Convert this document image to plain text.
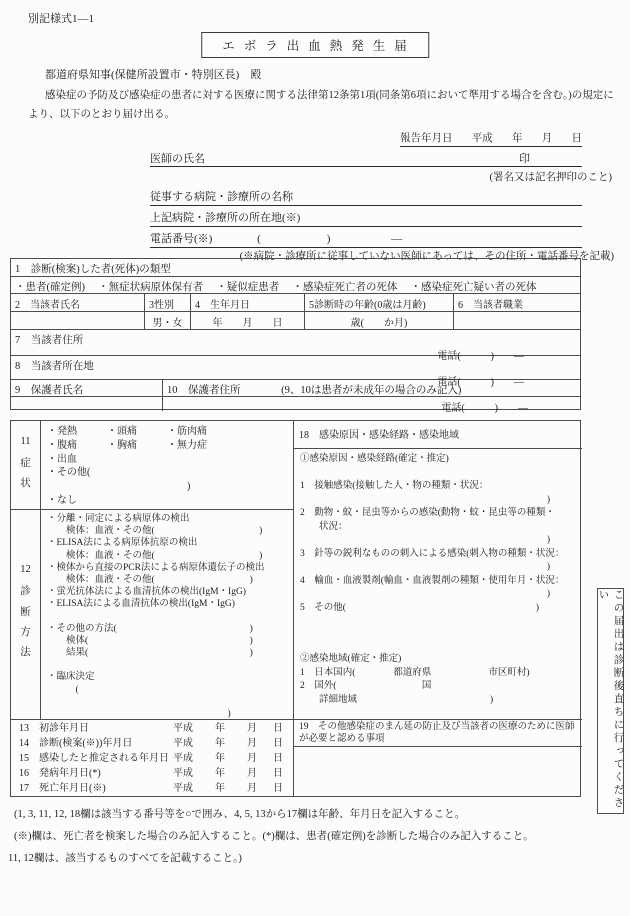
別記様式1—1
エボラ出血熱発生届
都道府県知事(保健所設置市・特別区長)　殿
感染症の予防及び感染症の患者に対する医療に関する法律第12条第1項(同条第6項において準用する場合を含む。)の規定に
より、以下のとおり届け出る。
報告年月日 平成 年 月 日
医師の氏名	印
(署名又は記名押印のこと)
従事する病院・診療所の名称
上記病院・診療所の所在地(※)
電話番号(※)	(　　　　　　)	—
(※病院・診療所に従事していない医師にあっては、その住所・電話番号を記載)
1　診断(検案)した者(死体)の類型
・患者(確定例)　 ・無症状病原体保有者　 ・疑似症患者　 ・感染症死亡者の死体　 ・感染症死亡疑い者の死体
2　当該者氏名	3性別	4　生年月日	5診断時の年齢(0歳は月齢)	6　当該者職業
男・女	年　　月　　日	歳(　　か月)
7　当該者住所
電話(　　　)　　—
8　当該者所在地
電話(　　　)　　—
9　保護者氏名	10　保護者住所	(9、10は患者が未成年の場合のみ記入)
電話(　　　)　　—
11
症状
・発熱　　　・頭痛　　　・筋肉痛
・腹痛　　　・胸痛　　　・無力症
・出血
・その他(
　　　　　　　　　　　　　　)
・なし
12
診断方法
・分離・同定による病原体の検出
　　検体：血液・その他(　　　　　　　　　　　)
・ELISA法による病原体抗原の検出
　　検体：血液・その他(　　　　　　　　　　　)
・検体から直接のPCR法による病原体遺伝子の検出
　　検体：血液・その他(　　　　　　　　　　)
・蛍光抗体法による血清抗体の検出(IgM・IgG)
・ELISA法による血清抗体の検出(IgM・IgG)
・その他の方法(　　　　　　　　　　　　　　)
　　検体(　　　　　　　　　　　　　　　　　)
　　結果(　　　　　　　　　　　　　　　　　)
・臨床決定
　　　(
　　　　　　　　　　　　　　　　　　　)
13　初診年月日	平成	年	月	日
14　診断(検案(※))年月日	平成	年	月	日
15　感染したと推定される年月日 平成	年	月	日
16　発病年月日(*)	平成	年	月	日
17　死亡年月日(※)	平成	年	月	日
18　感染原因・感染経路・感染地域
①感染原因・感染経路(確定・推定)
1　接触感染(接触した人・物の種類・状況：
)
2　動物・蚊・昆虫等からの感染(動物・蚊・昆虫等の種類・
　　状況：
)
3　針等の鋭利なものの刺入による感染(刺入物の種類・状況：
)
4　輸血・血液製剤(輸血・血液製剤の種類・使用年月・状況：
)
5　その他(　　　　　　　　　　　　　　　　　　　　)
②感染地域(確定・推定)
1　日本国内(　　　　都道府県　　　　　　市区町村)
2　国外(　　　　　　　　　国
　　詳細地域　　　　　　　　　　　　　　)
19　その他感染症のまん延の防止及び当該者の医療のために医師が必要と認める事項	この届出は診断後直ちに行ってください
(1, 3, 11, 12, 18欄は該当する番号等を○で囲み、4, 5, 13から17欄は年齢、年月日を記入すること。
(※)欄は、死亡者を検案した場合のみ記入すること。(*)欄は、患者(確定例)を診断した場合のみ記入すること。
11, 12欄は、該当するものすべてを記載すること。)
